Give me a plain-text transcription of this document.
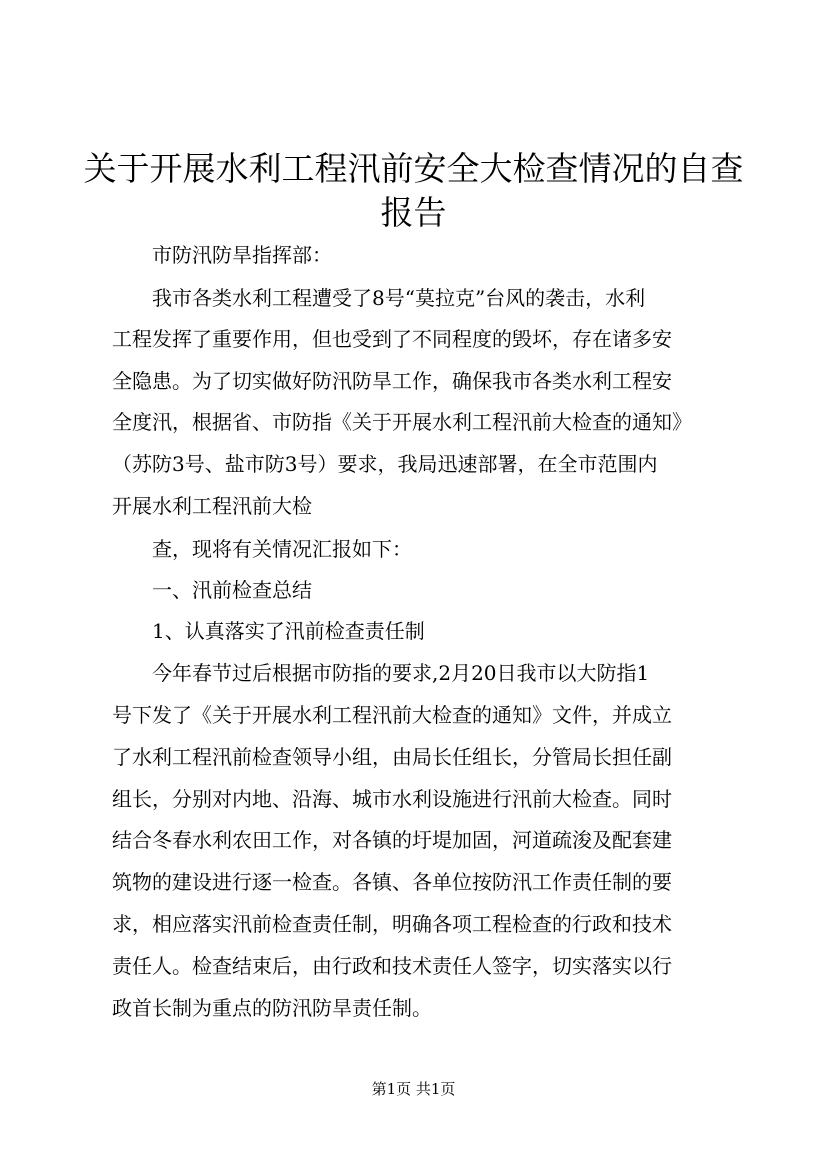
关于开展水利工程汛前安全大检查情况的自查
报告
市防汛防旱指挥部：
我市各类水利工程遭受了8号“莫拉克”台风的袭击，水利
工程发挥了重要作用，但也受到了不同程度的毁坏，存在诸多安
全隐患。为了切实做好防汛防旱工作，确保我市各类水利工程安
全度汛，根据省、市防指《关于开展水利工程汛前大检查的通知》
（苏防3号、盐市防3号）要求，我局迅速部署，在全市范围内
开展水利工程汛前大检
查，现将有关情况汇报如下：
一、汛前检查总结
1、认真落实了汛前检查责任制
今年春节过后根据市防指的要求,2月20日我市以大防指1
号下发了《关于开展水利工程汛前大检查的通知》文件，并成立
了水利工程汛前检查领导小组，由局长任组长，分管局长担任副
组长，分别对内地、沿海、城市水利设施进行汛前大检查。同时
结合冬春水利农田工作，对各镇的圩堤加固，河道疏浚及配套建
筑物的建设进行逐一检查。各镇、各单位按防汛工作责任制的要
求，相应落实汛前检查责任制，明确各项工程检查的行政和技术
责任人。检查结束后，由行政和技术责任人签字，切实落实以行
政首长制为重点的防汛防旱责任制。
第1页 共1页
